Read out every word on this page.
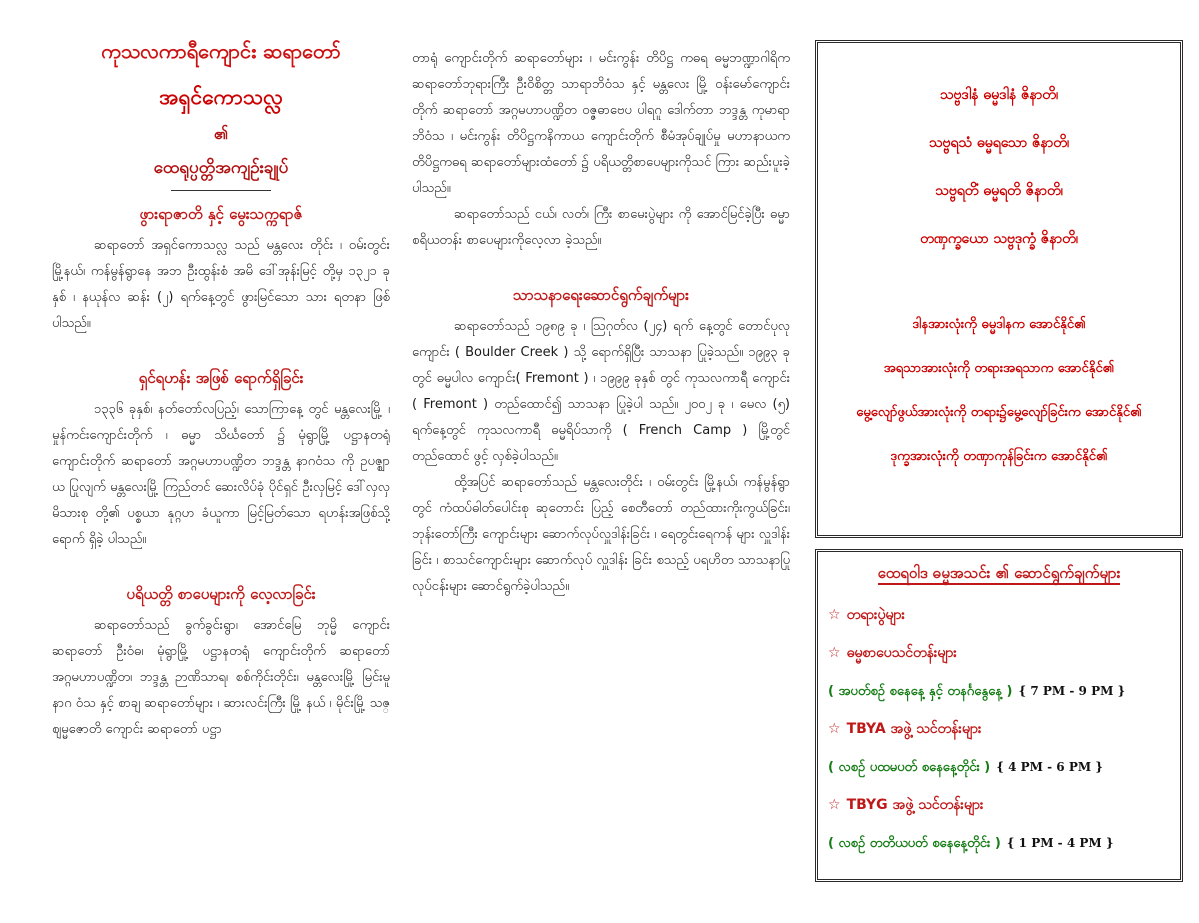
ကုသလကာရီကျောင်း ဆရာတော်
အရှင်ကောသလ္လ
၏
ထေရုပ္ပတ္တိအကျဉ်းချုပ်
ဖွားရာဇာတိ နှင့် မွေးသက္ကရာဇ်

ဆရာတော် အရှင်ကောသလ္လ သည် မန္တလေး တိုင်း ၊ ဝမ်းတွင်းမြို့နယ်၊ ကန်မွန်ရွာနေ အဘ ဦးထွန်းစံ အမိ ဒေါ်အုန်းမြင့် တို့မှ ၁၃၂၁ ခုနှစ် ၊ နယုန်လ ဆန်း (၂) ရက်နေ့တွင် ဖွားမြင်သော သား ရတနာ ဖြစ်ပါသည်။

ရှင်ရဟန်း အဖြစ် ရောက်ရှိခြင်း

၁၃၃၆ ခုနှစ်၊ နတ်တော်လပြည့်၊ သောကြာနေ့ တွင် မန္တလေးမြို့ ၊ မှုန်ကင်းကျောင်းတိုက် ၊ ဓမ္မာ သိင်္ဃတော် ၌ မုံရွာမြို့ ပဋ္ဌာနတရုံ ကျောင်းတိုက် ဆရာတော် အဂ္ဂမဟာပဏ္ဍိတ ဘဒ္ဒန္တ နာဂဝံသ ကို ဥပဇ္ဈာယ ပြုလျက် မန္တလေးမြို့ ကြည်တင် ဆေးလိပ်ခုံ ပိုင်ရှင် ဦးလှမြင့် ဒေါ်လှလှ မိသားစု တို့၏ ပစ္စယာ နုဂ္ဂဟ ခံယူကာ မြင့်မြတ်သော ရဟန်းအဖြစ်သို့ ရောက် ရှိခဲ့ ပါသည်။

ပရိယတ္တိ စာပေများကို လေ့လာခြင်း

ဆရာတော်သည် ခွက်ခွင်းရွာ၊ အောင်မြေ ဘုမ္မိ ကျောင်း ဆရာတော် ဦးဝံဓ၊ မုံရွာမြို့ ပဋ္ဌာနတရုံ ကျောင်းတိုက် ဆရာတော် အဂ္ဂမဟာပဏ္ဍိတ၊ ဘဒ္ဒန္တ ဉာဏိသာရ၊ စစ်ကိုင်းတိုင်း၊ မန္တလေးမြို့ မြင်းမူ နာဂ ဝံသ နှင့် စာချ ဆရာတော်များ ၊ ဆားလင်းကြီး မြို့ နယ် ၊ မိုင်းမြို့ သဇ္ဈမ္မဇောတိ ကျောင်း ဆရာတော် ပဋ္ဌာ

တာရုံ ကျောင်းတိုက် ဆရာတော်များ ၊ မင်းကွန်း တိပိဋ္ဌ ကဓရ ဓမ္မဘဏ္ဍာဂါရိက ဆရာတော်ဘုရားကြီး ဦးဝိစိတ္တ သာရာဘိဝံသ နှင့် မန္တလေး မြို့ ဝန်းမော်ကျောင်း တိုက် ဆရာတော် အဂ္ဂမဟာပဏ္ဍိတ ဝဇ္ဇဓာဗေပ ပါရဂူ ဒေါက်တာ ဘဒ္ဒန္တ ကုမာရာဘိဝံသ ၊ မင်းကွန်း တိပိဋ္ဌကနိကာယ ကျောင်းတိုက် စီမံအုပ်ချုပ်မှု မဟာနာယက တိပိဋ္ဌကဓရ ဆရာတော်များထံတော် ၌ ပရိယတ္တိစာပေများကိုသင် ကြား ဆည်းပူးခဲ့ပါသည်။

ဆရာတော်သည် ငယ်၊ လတ်၊ ကြီး စာမေးပွဲများ ကို အောင်မြင်ခဲ့ပြီး ဓမ္မာစရိယတန်း စာပေများကိုလေ့လာ ခဲ့သည်။

သာသနာရေးဆောင်ရွက်ချက်များ

ဆရာတော်သည် ၁၉၈၉ ခု ၊ ဩဂုတ်လ (၂၄) ရက် နေ့တွင် တောင်ပုလုကျောင်း ( Boulder Creek ) သို့ ရောက်ရှိပြီး သာသနာ ပြုခဲ့သည်။ ၁၉၉၃ ခု တွင် ဓမ္မပါလ ကျောင်း( Fremont ) ၊ ၁၉၉၉ ခုနှစ် တွင် ကုသလကာရီ ကျောင်း ( Fremont ) တည်ထောင်၍ သာသနာ ပြုခဲ့ပါ သည်။ ၂၀၀၂ ခု ၊ မေလ (၅) ရက်နေ့တွင် ကုသလကာရီ ဓမ္မရိပ်သာကို ( French Camp ) မြို့တွင်တည်ထောင် ဖွင့် လှစ်ခဲ့ပါသည်။

ထို့အပြင် ဆရာတော်သည် မန္တလေးတိုင်း ၊ ဝမ်းတွင်း မြို့နယ်၊ ကန်မွန်ရွာတွင် ကံထပ်ဓါတ်ပေါင်းစု ဆုတောင်း ပြည့် စေတီတော် တည်ထားကိုးကွယ်ခြင်း၊ ဘုန်းတော်ကြီး ကျောင်းများ ဆောက်လုပ်လှူဒါန်းခြင်း ၊ ရေတွင်းရေကန် များ လှူဒါန်းခြင်း ၊ စာသင်ကျောင်းများ ဆောက်လုပ် လှူဒါန်း ခြင်း စသည့် ပရဟိတ သာသနာပြုလုပ်ငန်းများ ဆောင်ရွက်ခဲ့ပါသည်။

သဗ္ဗဒါနံ ဓမ္မဒါနံ ဇိနာတိ၊

သဗ္ဗရသံ ဓမ္မရသော ဇိနာတိ၊

သဗ္ဗရတိံ ဓမ္မရတိ ဇိနာတိ၊

တဏှက္ခယော သဗ္ဗဒုက္ခံ ဇိနာတိ၊

ဒါနအားလုံးကို ဓမ္မဒါနက အောင်နိုင်၏

အရသာအားလုံးကို တရားအရသာက အောင်နိုင်၏

မွေ့လျော်ဖွယ်အားလုံးကို တရား၌မွေ့လျော်ခြင်းက အောင်နိုင်၏

ဒုက္ခအားလုံးကို တဏှာကုန်ခြင်းက အောင်နိုင်၏

ထေရဝါဒ ဓမ္မအသင်း ၏ ဆောင်ရွက်ချက်များ
☆ တရားပွဲများ
☆ ဓမ္မစာပေသင်တန်းများ
( အပတ်စဉ် စနေနေ့ နှင့် တနင်္ဂနွေနေ့ ) { 7 PM - 9 PM }
☆ TBYA အဖွဲ့ သင်တန်းများ
( လစဉ် ပထမပတ် စနေနေ့တိုင်း ) { 4 PM - 6 PM }
☆ TBYG အဖွဲ့ သင်တန်းများ
( လစဉ် တတိယပတ် စနေနေ့တိုင်း ) { 1 PM - 4 PM }
